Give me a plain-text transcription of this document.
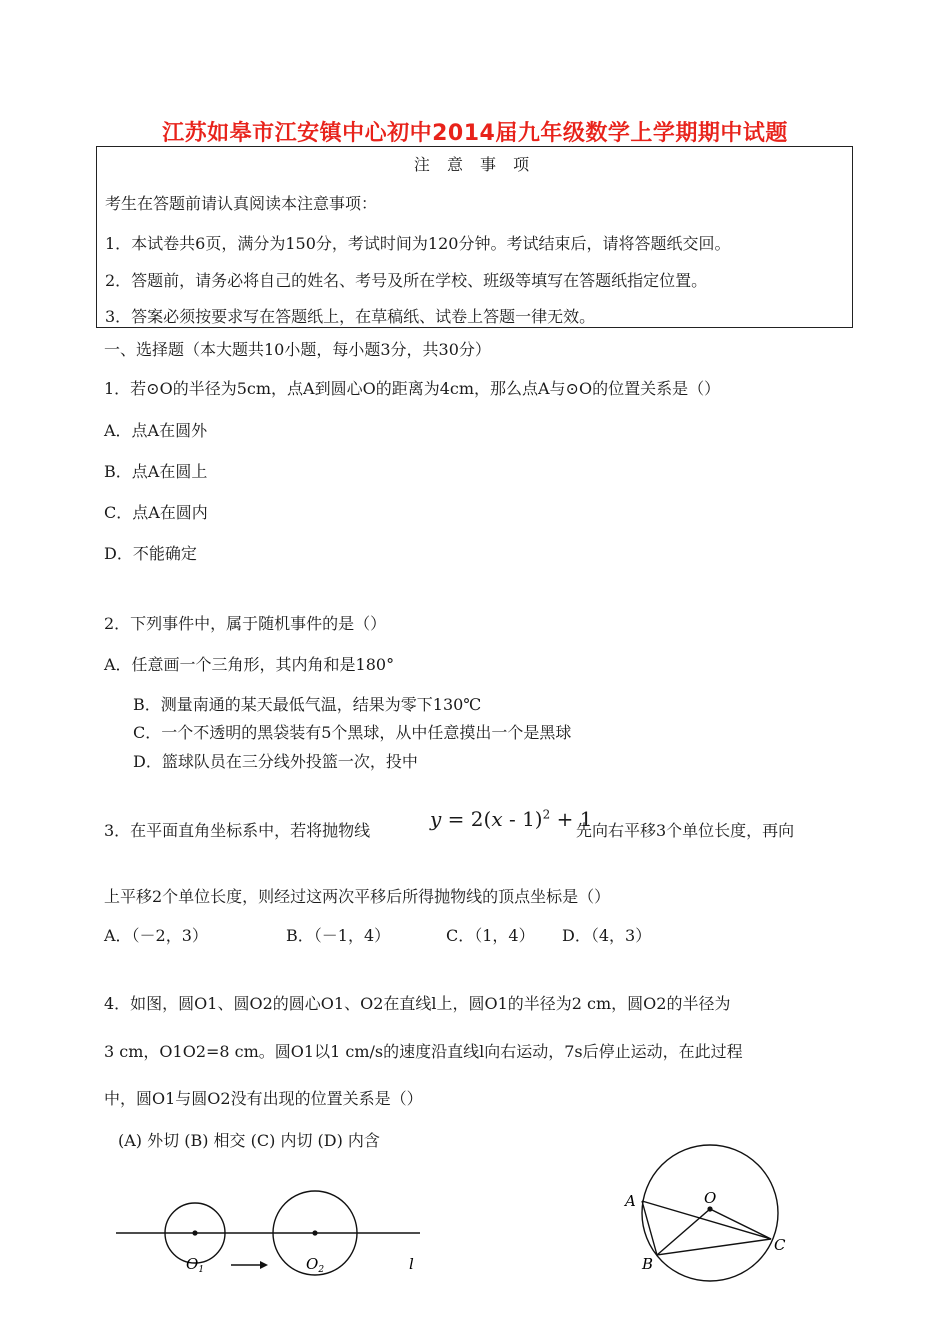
江苏如皋市江安镇中心初中2014届九年级数学上学期期中试题
注 意 事 项
考生在答题前请认真阅读本注意事项：
1．本试卷共6页，满分为150分，考试时间为120分钟。考试结束后，请将答题纸交回。
2．答题前，请务必将自己的姓名、考号及所在学校、班级等填写在答题纸指定位置。
3．答案必须按要求写在答题纸上，在草稿纸、试卷上答题一律无效。
一、选择题（本大题共10小题，每小题3分，共30分）
1．若⊙O的半径为5cm，点A到圆心O的距离为4cm，那么点A与⊙O的位置关系是（）
A．点A在圆外
B．点A在圆上
C．点A在圆内
D．不能确定
2．下列事件中，属于随机事件的是（）
A．任意画一个三角形，其内角和是180°
B．测量南通的某天最低气温，结果为零下130℃
C．一个不透明的黑袋装有5个黑球，从中任意摸出一个是黑球
D．篮球队员在三分线外投篮一次，投中
3．在平面直角坐标系中，若将抛物线	y = 2(x - 1)$^2$ + 1
先向右平移3个单位长度，再向
上平移2个单位长度，则经过这两次平移后所得抛物线的顶点坐标是（）
A．（－2，3）	B．（－1，4）	C．（1，4） D．（4，3）
4．如图，圆O1、圆O2的圆心O1、O2在直线l上，圆O1的半径为2 cm，圆O2的半径为
3 cm，O1O2=8 cm。圆O1以1 cm/s的速度沿直线l向右运动，7s后停止运动，在此过程
中，圆O1与圆O2没有出现的位置关系是（）
(A) 外切 (B) 相交 (C) 内切 (D) 内含
$O_1$	$O_2$	l
O
A
B
C
